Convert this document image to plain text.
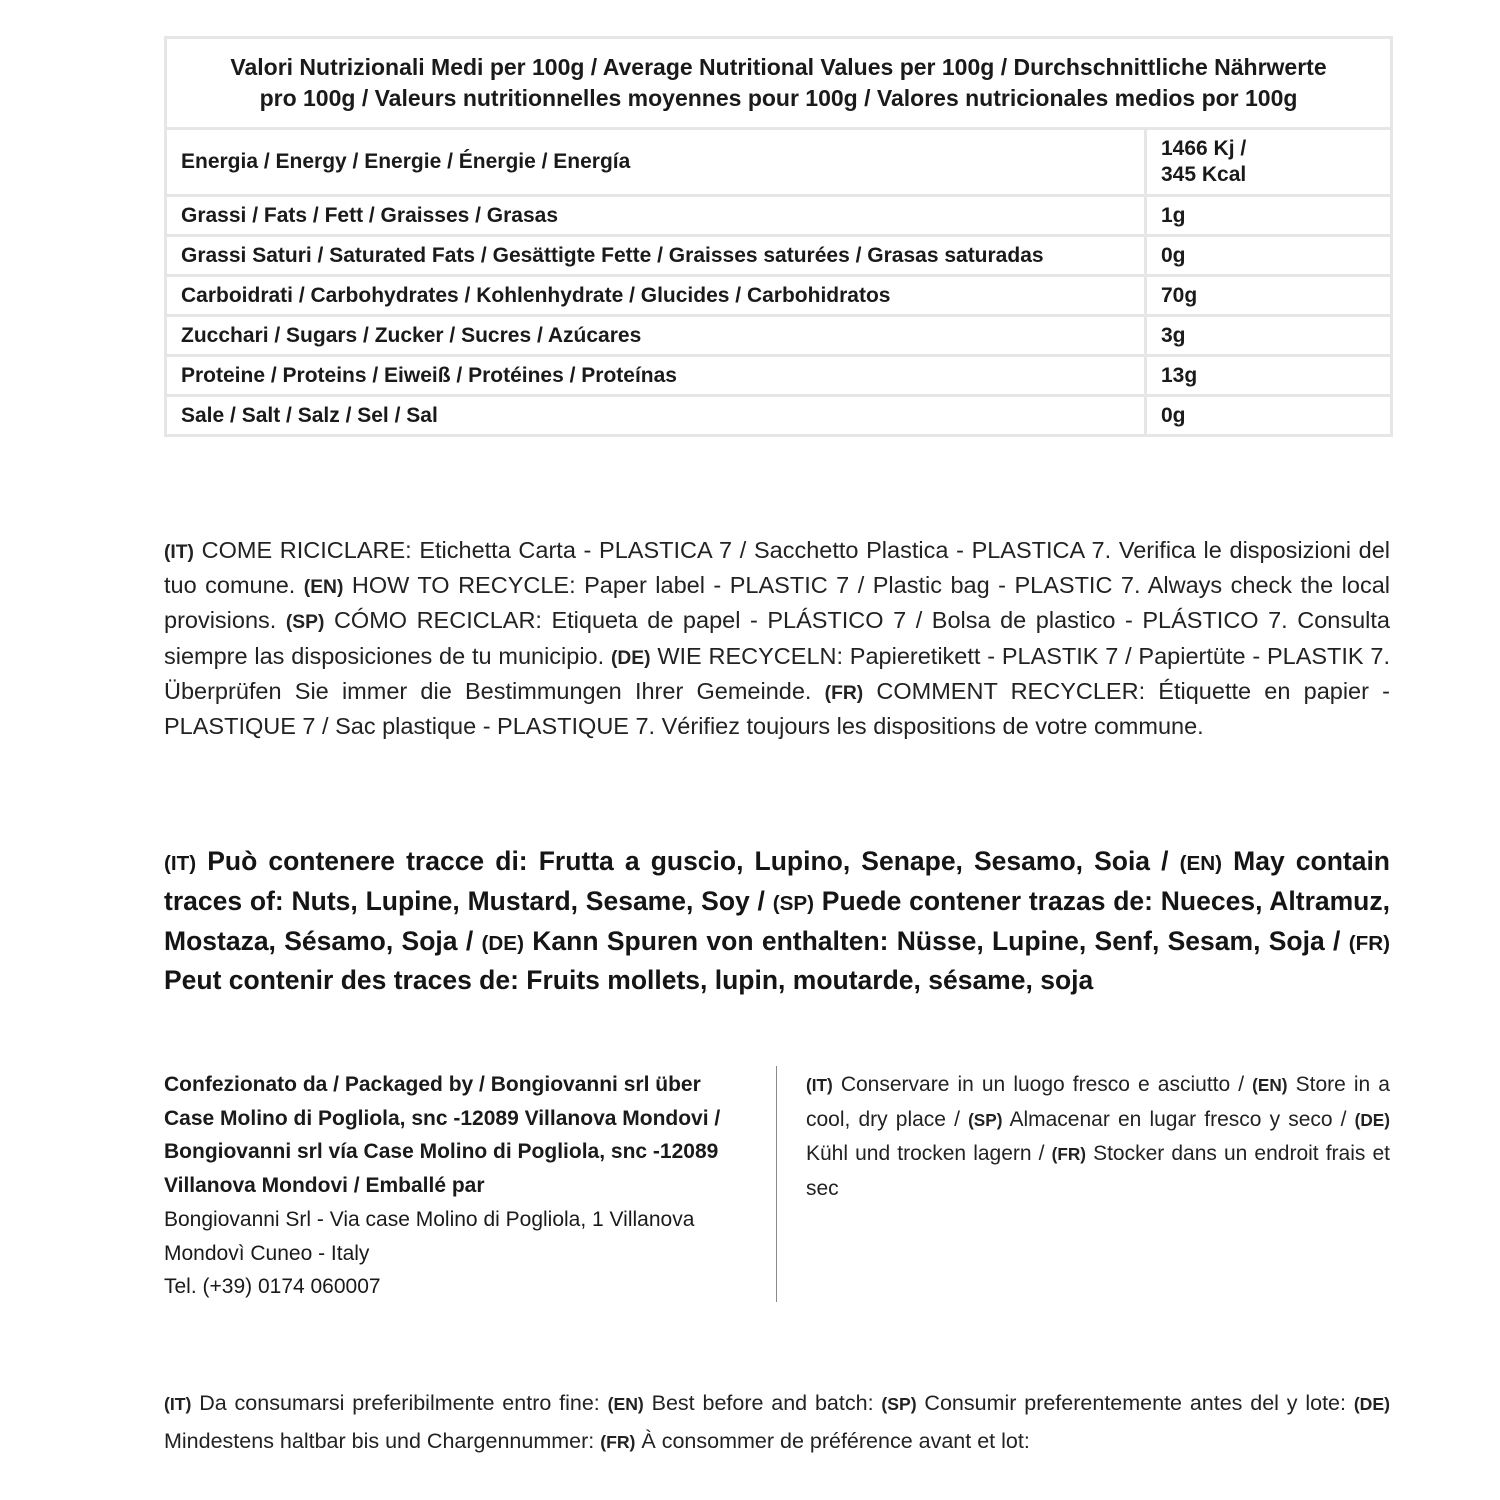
Valori Nutrizionali Medi per 100g / Average Nutritional Values per 100g / Durchschnittliche Nährwerte
pro 100g / Valeurs nutritionnelles moyennes pour 100g / Valores nutricionales medios por 100g	
Energia / Energy / Energie / Énergie / Energía	1466 Kj /
345 Kcal
Grassi / Fats / Fett / Graisses / Grasas	1g
Grassi Saturi / Saturated Fats / Gesättigte Fette / Graisses saturées / Grasas saturadas	0g
Carboidrati / Carbohydrates / Kohlenhydrate / Glucides / Carbohidratos	70g
Zucchari / Sugars / Zucker / Sucres / Azúcares	3g
Proteine / Proteins / Eiweiß / Protéines / Proteínas	13g
Sale / Salt / Salz / Sel / Sal	0g

(IT) COME RICICLARE: Etichetta Carta - PLASTICA 7 / Sacchetto Plastica - PLASTICA 7. Verifica le disposizioni del tuo comune. (EN) HOW TO RECYCLE: Paper label - PLASTIC 7 / Plastic bag - PLASTIC 7. Always check the local provisions. (SP) CÓMO RECICLAR: Etiqueta de papel - PLÁSTICO 7 / Bolsa de plastico - PLÁSTICO 7. Consulta siempre las disposiciones de tu municipio. (DE) WIE RECYCELN: Papieretikett - PLASTIK 7 / Papiertüte - PLASTIK 7. Überprüfen Sie immer die Bestimmungen Ihrer Gemeinde. (FR) COMMENT RECYCLER: Étiquette en papier - PLASTIQUE 7 / Sac plastique - PLASTIQUE 7. Vérifiez toujours les dispositions de votre commune.

(IT) Può contenere tracce di: Frutta a guscio, Lupino, Senape, Sesamo, Soia / (EN) May contain traces of: Nuts, Lupine, Mustard, Sesame, Soy / (SP) Puede contener trazas de: Nueces, Altramuz, Mostaza, Sésamo, Soja / (DE) Kann Spuren von enthalten: Nüsse, Lupine, Senf, Sesam, Soja / (FR) Peut contenir des traces de: Fruits mollets, lupin, moutarde, sésame, soja

Confezionato da / Packaged by / Bongiovanni srl über
Case Molino di Pogliola, snc -12089 Villanova Mondovi /
Bongiovanni srl vía Case Molino di Pogliola, snc -12089
Villanova Mondovi / Emballé par
Bongiovanni Srl - Via case Molino di Pogliola, 1 Villanova
Mondovì Cuneo - Italy
Tel. (+39) 0174 060007

(IT) Conservare in un luogo fresco e asciutto / (EN) Store in a cool, dry place / (SP) Almacenar en lugar fresco y seco / (DE) Kühl und trocken lagern / (FR) Stocker dans un endroit frais et sec

(IT) Da consumarsi preferibilmente entro fine: (EN) Best before and batch: (SP) Consumir preferentemente antes del y lote: (DE) Mindestens haltbar bis und Chargennummer: (FR) À consommer de préférence avant et lot:
